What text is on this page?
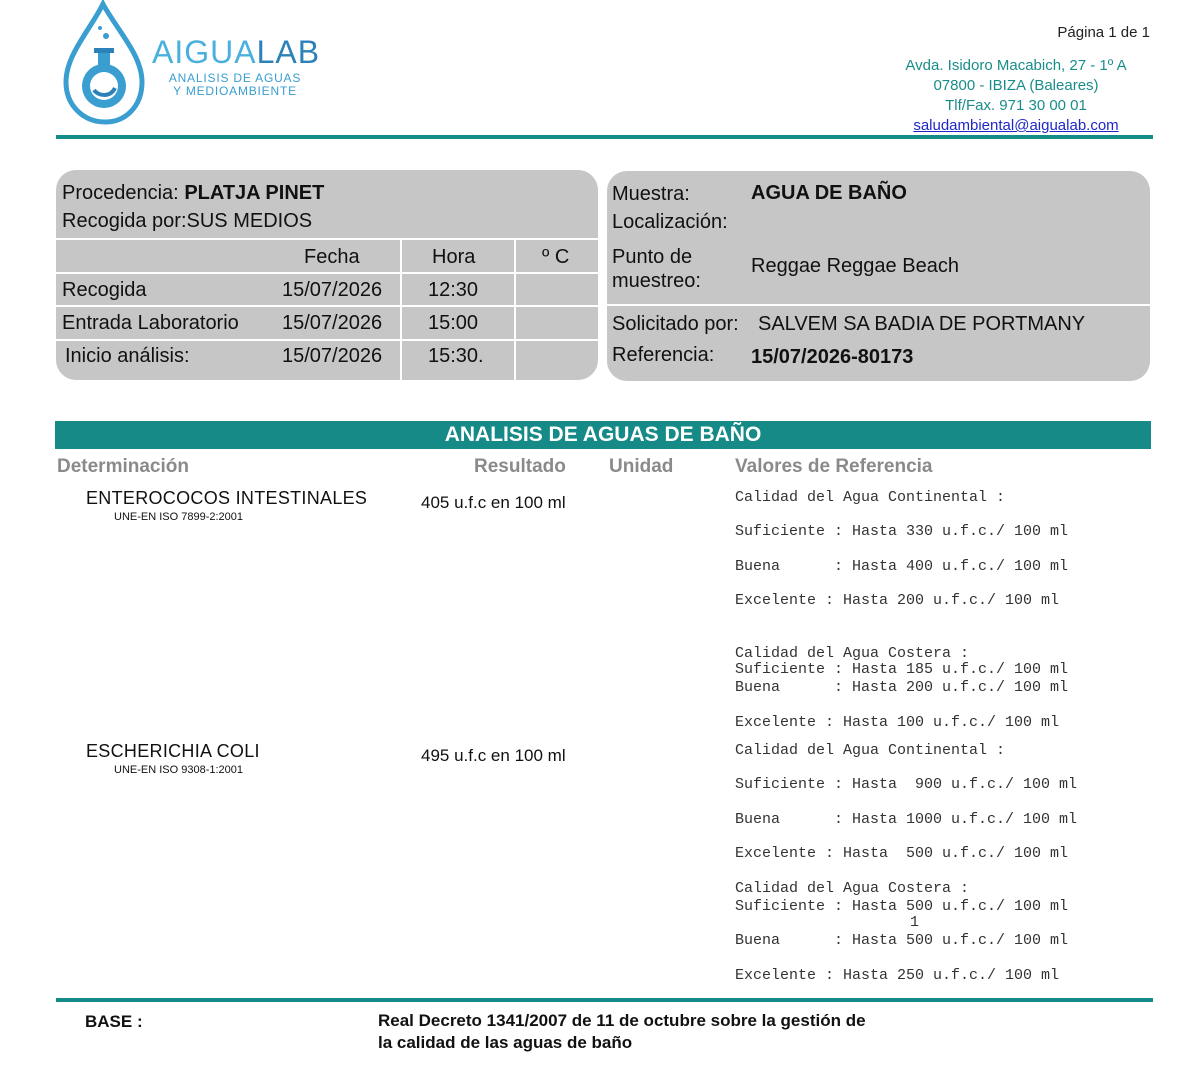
AIGUALAB
ANALISIS DE AGUAS
Y MEDIOAMBIENTE
Página 1 de 1
Avda. Isidoro Macabich, 27 - 1º A
07800 - IBIZA (Baleares)
Tlf/Fax. 971 30 00 01
saludambiental@aigualab.com
Procedencia: PLATJA PINET
Recogida por:SUS MEDIOS
Fecha	Hora	º C
Recogida	15/07/2026 12:30
Entrada Laboratorio 15/07/2026 15:00
Inicio análisis:	15/07/2026 15:30.
Muestra:	AGUA DE BAÑO
Localización:
Punto de
muestreo:
Reggae Reggae Beach
Solicitado por: SALVEM SA BADIA DE PORTMANY
Referencia: 15/07/2026-80173
ANALISIS DE AGUAS DE BAÑO
Determinación	Resultado Unidad	Valores de Referencia
ENTEROCOCOS INTESTINALES
UNE-EN ISO 7899-2:2001
405 u.f.c en 100 ml	Calidad del Agua Continental :
Suficiente : Hasta 330 u.f.c./ 100 ml
Buena      : Hasta 400 u.f.c./ 100 ml
Excelente : Hasta 200 u.f.c./ 100 ml
Calidad del Agua Costera :
Suficiente : Hasta 185 u.f.c./ 100 ml
Buena      : Hasta 200 u.f.c./ 100 ml
Excelente : Hasta 100 u.f.c./ 100 ml
ESCHERICHIA COLI
UNE-EN ISO 9308-1:2001
495 u.f.c en 100 ml	Calidad del Agua Continental :
Suficiente : Hasta  900 u.f.c./ 100 ml
Buena      : Hasta 1000 u.f.c./ 100 ml
Excelente : Hasta  500 u.f.c./ 100 ml
Calidad del Agua Costera :
Suficiente : Hasta 500 u.f.c./ 100 ml
1
Buena      : Hasta 500 u.f.c./ 100 ml
Excelente : Hasta 250 u.f.c./ 100 ml
BASE :	Real Decreto 1341/2007 de 11 de octubre sobre la gestión de
la calidad de las aguas de baño
